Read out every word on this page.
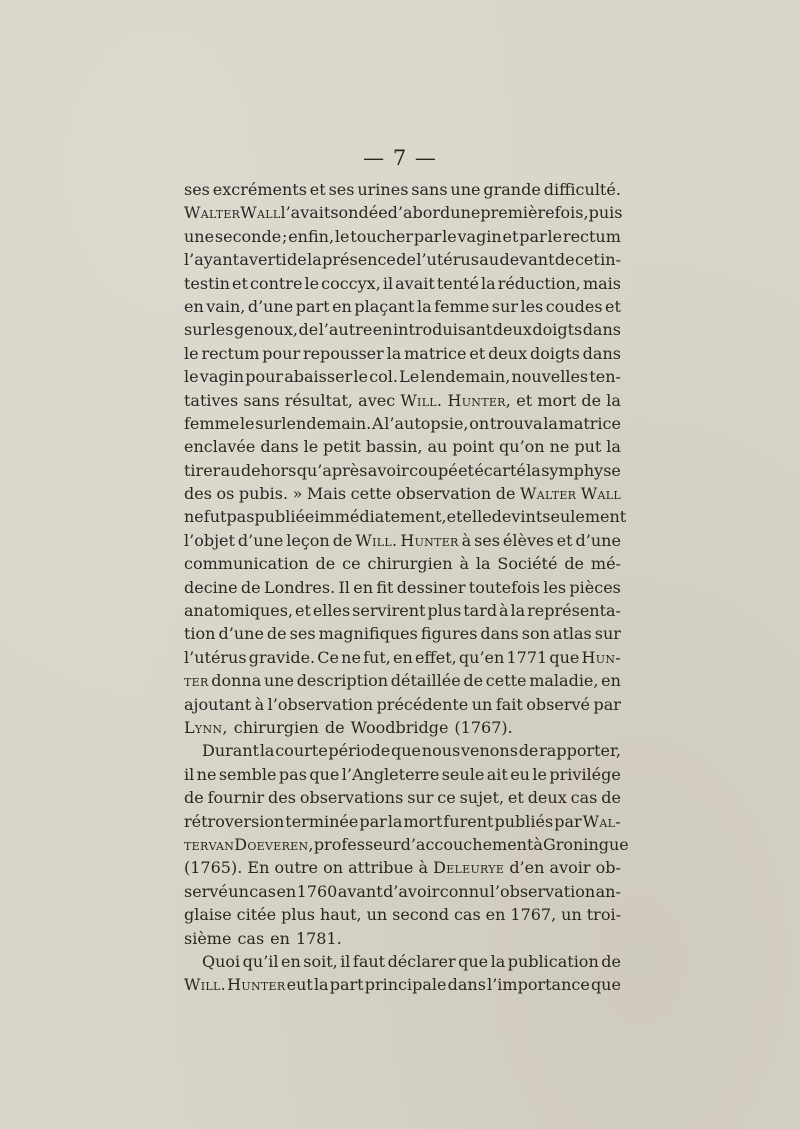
— 7 —
ses excréments et ses urines sans une grande difficulté.
Walter Wall l’avait sondée d’abord une première fois, puis
une seconde ; enfin, le toucher par le vagin et par le rectum
l’ayant averti de la présence de l’utérus au devant de cet in-
testin et contre le coccyx, il avait tenté la réduction, mais
en vain, d’une part en plaçant la femme sur les coudes et
sur les genoux, de l’autre en introduisant deux doigts dans
le rectum pour repousser la matrice et deux doigts dans
le vagin pour abaisser le col. Le lendemain, nouvelles ten-
tatives sans résultat, avec Will. Hunter, et mort de la
femme le surlendemain. A l’autopsie, on trouva la matrice
enclavée dans le petit bassin, au point qu’on ne put la
tirer au dehors qu’après avoir coupé et écarté la symphyse
des os pubis. » Mais cette observation de Walter Wall
ne fut pas publiée immédiatement, et elle devint seulement
l’objet d’une leçon de Will. Hunter à ses élèves et d’une
communication de ce chirurgien à la Société de mé-
decine de Londres. Il en fit dessiner toutefois les pièces
anatomiques, et elles servirent plus tard à la représenta-
tion d’une de ses magnifiques figures dans son atlas sur
l’utérus gravide. Ce ne fut, en effet, qu’en 1771 que Hun-
ter donna une description détaillée de cette maladie, en
ajoutant à l’observation précédente un fait observé par
Lynn, chirurgien de Woodbridge (1767).
Durant la courte période que nous venons de rapporter,
il ne semble pas que l’Angleterre seule ait eu le privilége
de fournir des observations sur ce sujet, et deux cas de
rétroversion terminée par la mort furent publiés par Wal-
ter van Doeveren, professeur d’accouchement à Groningue
(1765). En outre on attribue à Deleurye d’en avoir ob-
servé un cas en 1760 avant d’avoir connu l’observation an-
glaise citée plus haut, un second cas en 1767, un troi-
sième cas en 1781.
Quoi qu’il en soit, il faut déclarer que la publication de
Will. Hunter eut la part principale dans l’importance que
